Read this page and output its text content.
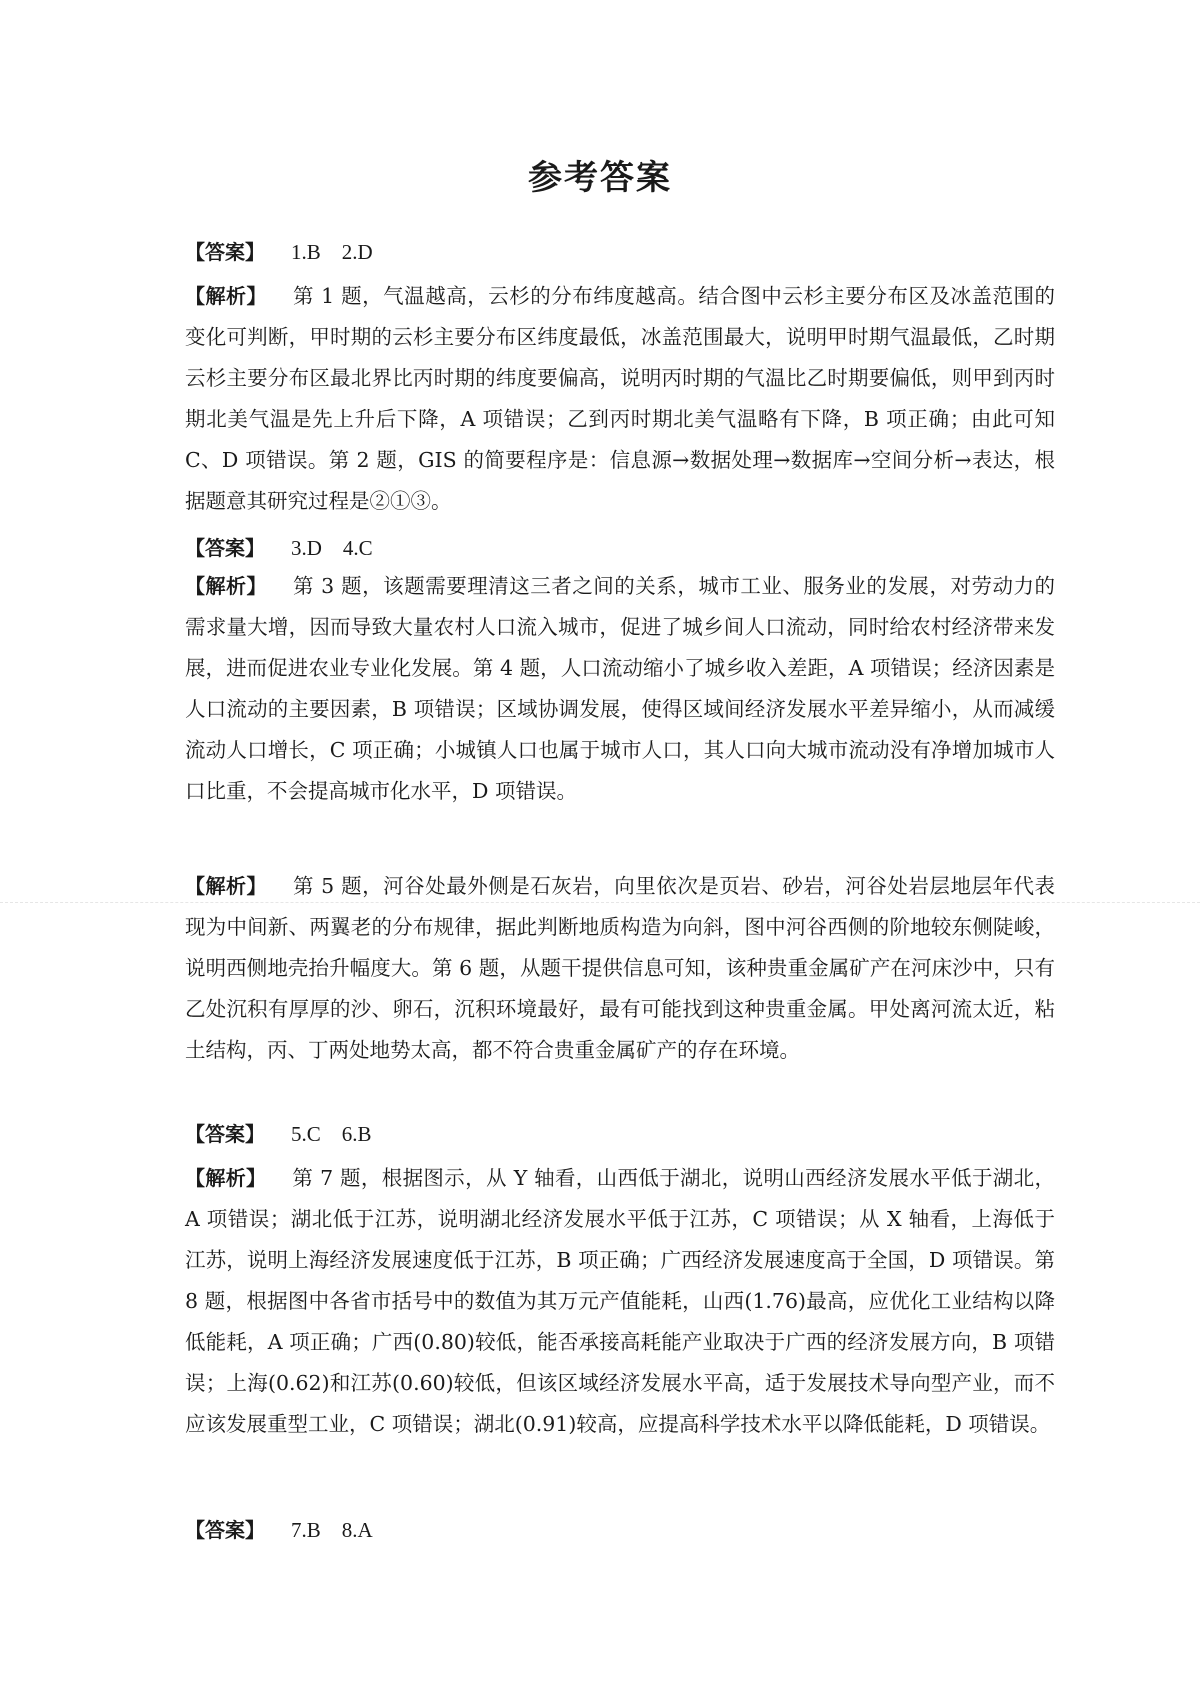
参考答案

【答案】 1.B　2.D

【解析】 第 1 题，气温越高，云杉的分布纬度越高。结合图中云杉主要分布区及冰盖范围的变化可判断，甲时期的云杉主要分布区纬度最低，冰盖范围最大，说明甲时期气温最低，乙时期云杉主要分布区最北界比丙时期的纬度要偏高，说明丙时期的气温比乙时期要偏低，则甲到丙时期北美气温是先上升后下降，A 项错误；乙到丙时期北美气温略有下降，B 项正确；由此可知 C、D 项错误。第 2 题，GIS 的简要程序是：信息源→数据处理→数据库→空间分析→表达，根据题意其研究过程是②①③。

【答案】 3.D　4.C

【解析】 第 3 题，该题需要理清这三者之间的关系，城市工业、服务业的发展，对劳动力的需求量大增，因而导致大量农村人口流入城市，促进了城乡间人口流动，同时给农村经济带来发展，进而促进农业专业化发展。第 4 题，人口流动缩小了城乡收入差距，A 项错误；经济因素是人口流动的主要因素，B 项错误；区域协调发展，使得区域间经济发展水平差异缩小，从而减缓流动人口增长，C 项正确；小城镇人口也属于城市人口，其人口向大城市流动没有净增加城市人口比重，不会提高城市化水平，D 项错误。

【解析】 第 5 题，河谷处最外侧是石灰岩，向里依次是页岩、砂岩，河谷处岩层地层年代表现为中间新、两翼老的分布规律，据此判断地质构造为向斜，图中河谷西侧的阶地较东侧陡峻，说明西侧地壳抬升幅度大。第 6 题，从题干提供信息可知，该种贵重金属矿产在河床沙中，只有乙处沉积有厚厚的沙、卵石，沉积环境最好，最有可能找到这种贵重金属。甲处离河流太近，粘土结构，丙、丁两处地势太高，都不符合贵重金属矿产的存在环境。

【答案】 5.C　6.B

【解析】 第 7 题，根据图示，从 Y 轴看，山西低于湖北，说明山西经济发展水平低于湖北，A 项错误；湖北低于江苏，说明湖北经济发展水平低于江苏，C 项错误；从 X 轴看，上海低于江苏，说明上海经济发展速度低于江苏，B 项正确；广西经济发展速度高于全国，D 项错误。第 8 题，根据图中各省市括号中的数值为其万元产值能耗，山西(1.76)最高，应优化工业结构以降低能耗，A 项正确；广西(0.80)较低，能否承接高耗能产业取决于广西的经济发展方向，B 项错误；上海(0.62)和江苏(0.60)较低，但该区域经济发展水平高，适于发展技术导向型产业，而不应该发展重型工业，C 项错误；湖北(0.91)较高，应提高科学技术水平以降低能耗，D 项错误。

【答案】 7.B　8.A
